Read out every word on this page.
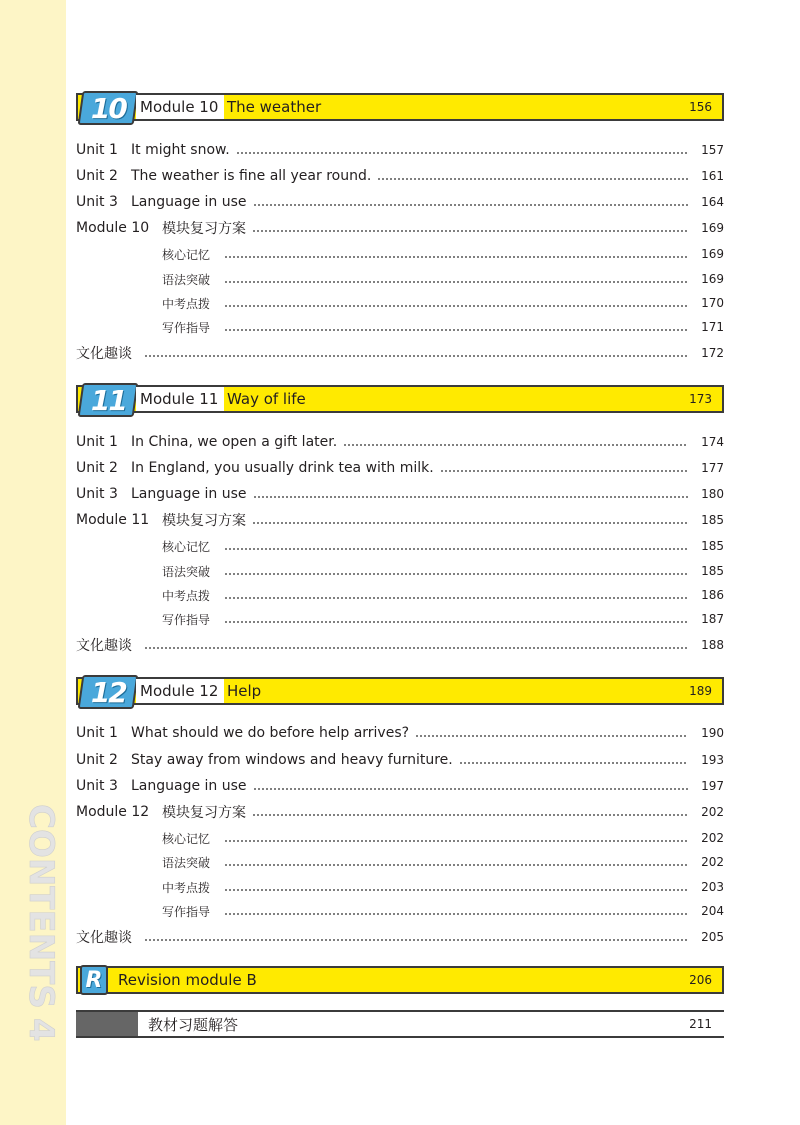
CONTENTS
4
10 Module 10 The weather	156
Unit 1 It might snow.	157
Unit 2 The weather is fine all year round.	161
Unit 3 Language in use	164
Module 10 模块复习方案	169
核心记忆	169
语法突破	169
中考点拨	170
写作指导	171
文化趣谈	172
11 Module 11 Way of life	173
Unit 1 In China, we open a gift later.	174
Unit 2 In England, you usually drink tea with milk.	177
Unit 3 Language in use	180
Module 11 模块复习方案	185
核心记忆	185
语法突破	185
中考点拨	186
写作指导	187
文化趣谈	188
12 Module 12 Help	189
Unit 1 What should we do before help arrives?	190
Unit 2 Stay away from windows and heavy furniture.	193
Unit 3 Language in use	197
Module 12 模块复习方案	202
核心记忆	202
语法突破	202
中考点拨	203
写作指导	204
文化趣谈	205
R Revision module B	206
教材习题解答	211
